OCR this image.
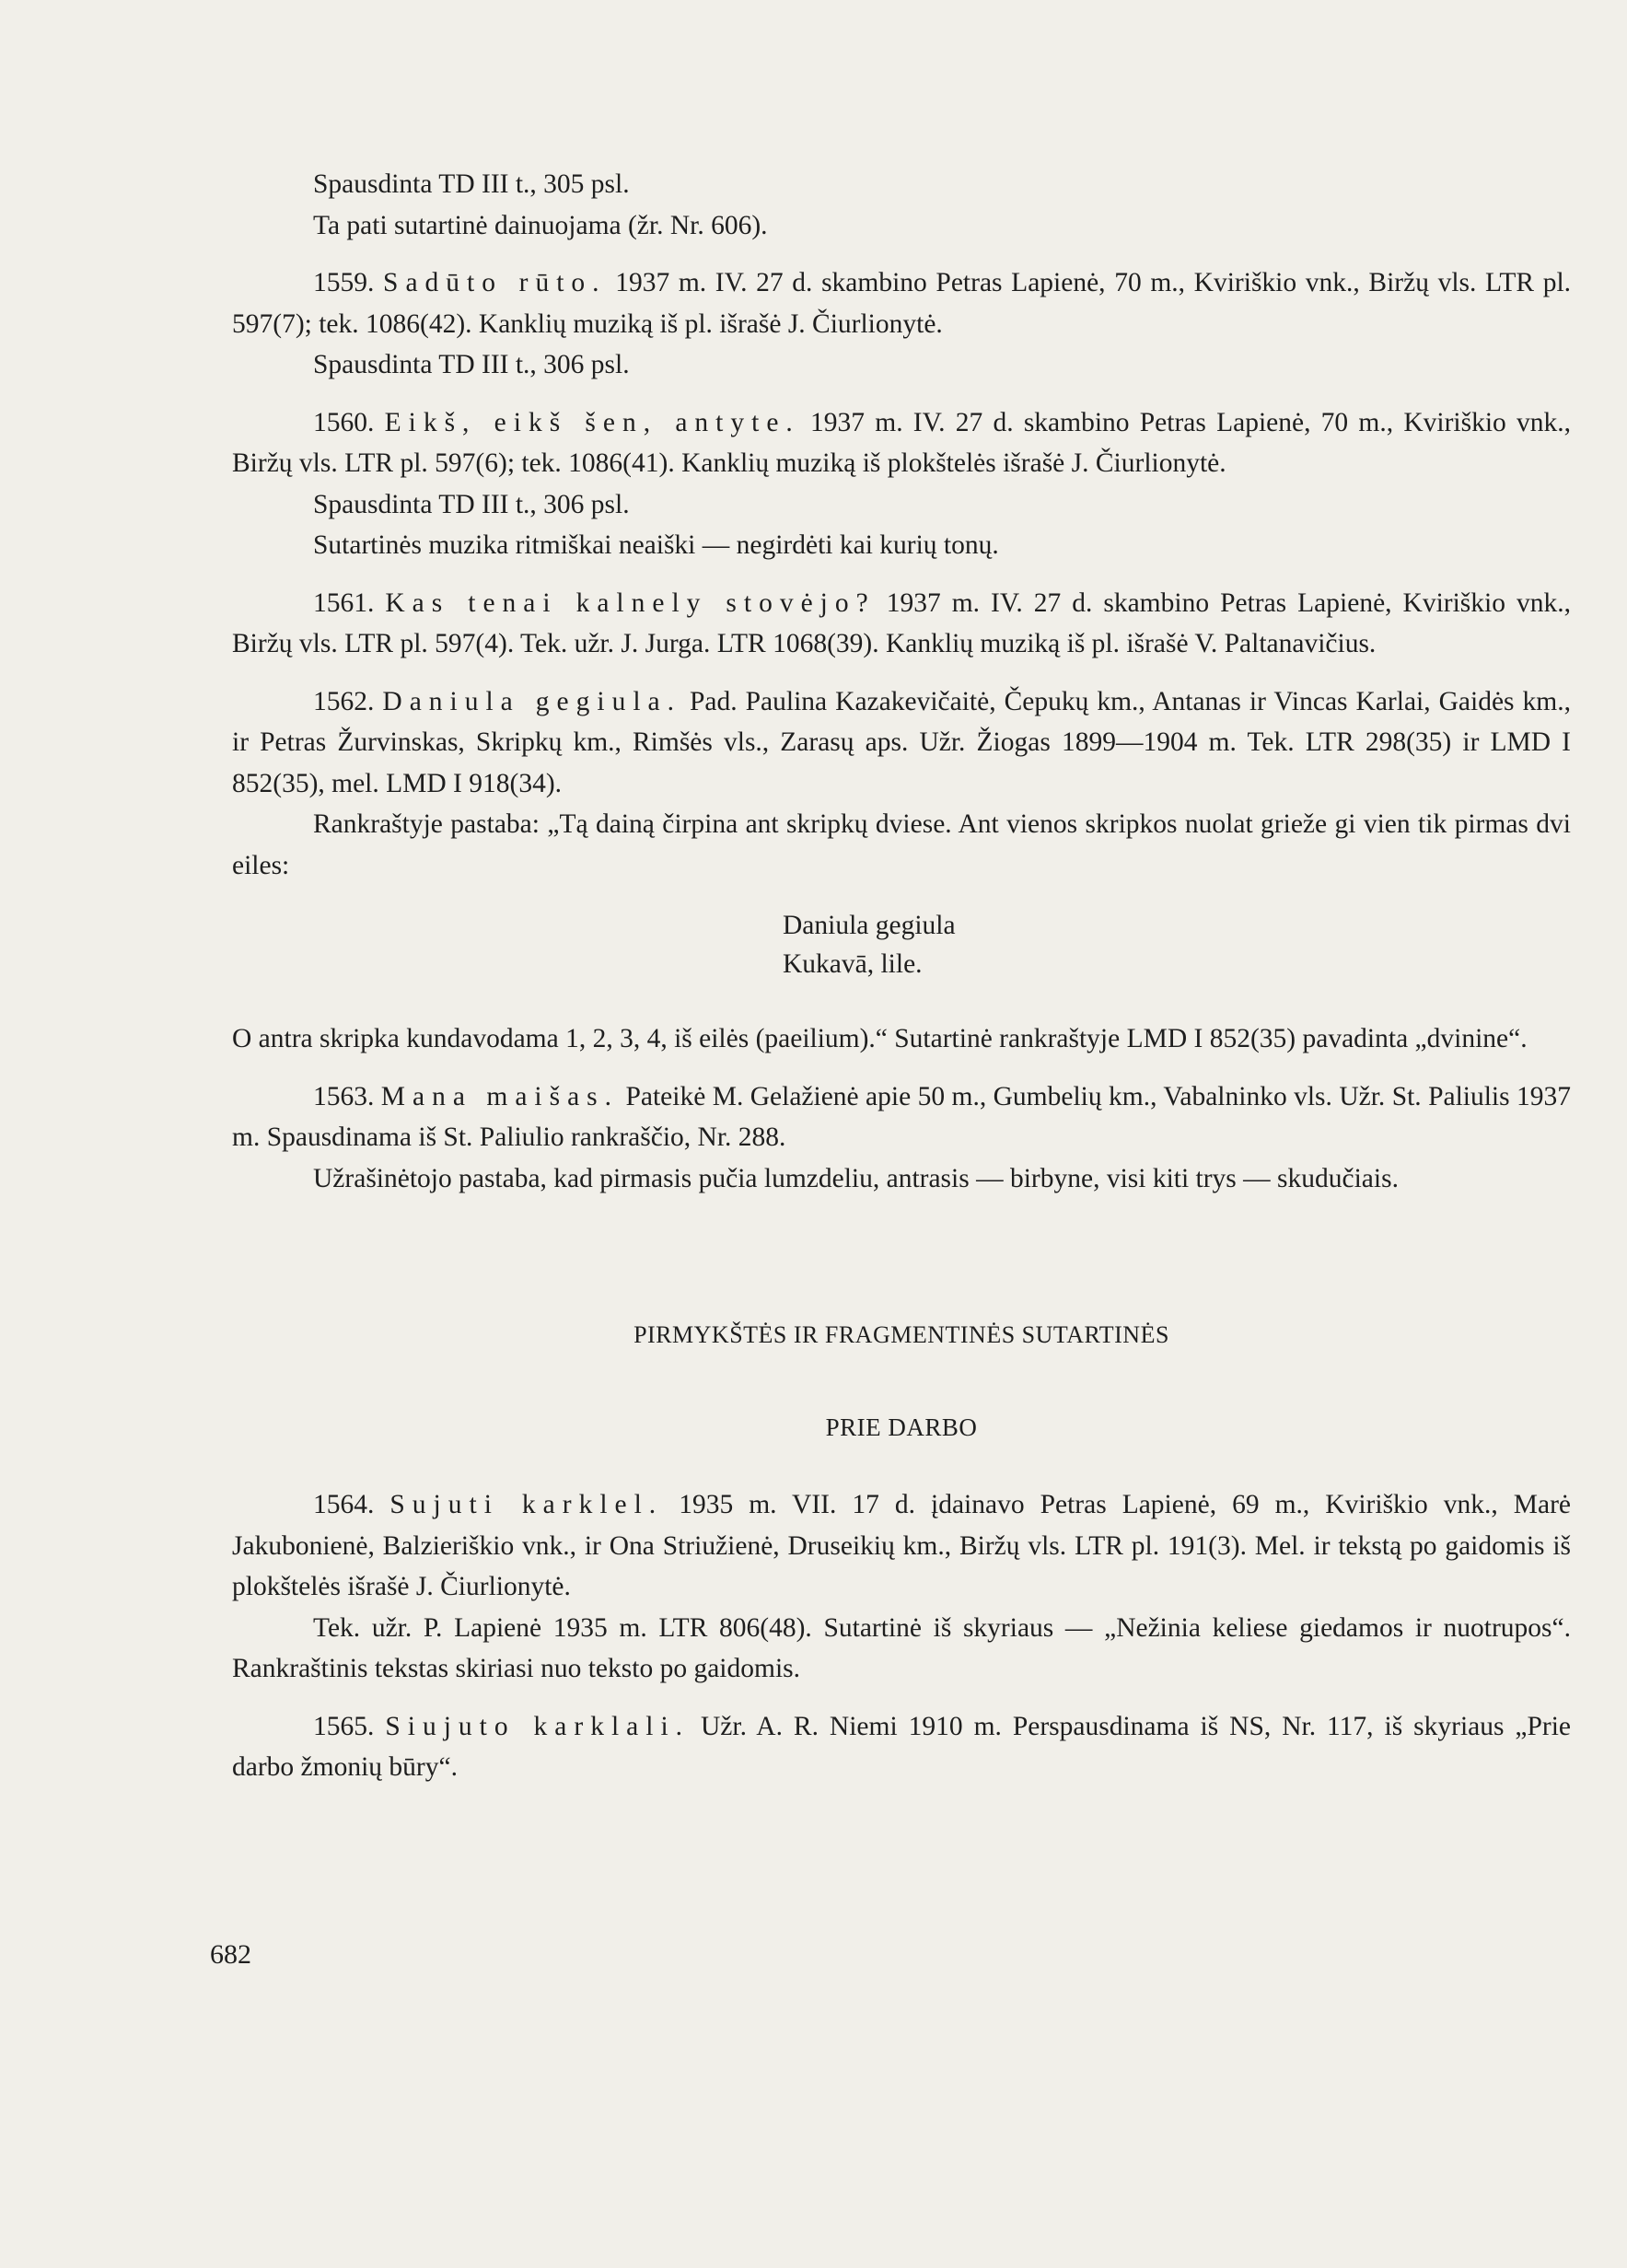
Spausdinta TD III t., 305 psl.

Ta pati sutartinė dainuojama (žr. Nr. 606).

1559. Sadūto rūto. 1937 m. IV. 27 d. skambino Petras Lapienė, 70 m., Kviriškio vnk., Biržų vls. LTR pl. 597(7); tek. 1086(42). Kanklių muziką iš pl. išrašė J. Čiurlionytė.

Spausdinta TD III t., 306 psl.

1560. Eikš, eikš šen, antyte. 1937 m. IV. 27 d. skambino Petras Lapienė, 70 m., Kviriškio vnk., Biržų vls. LTR pl. 597(6); tek. 1086(41). Kanklių muziką iš plokštelės išrašė J. Čiurlionytė.

Spausdinta TD III t., 306 psl.

Sutartinės muzika ritmiškai neaiški — negirdėti kai kurių tonų.

1561. Kas tenai kalnely stovėjo? 1937 m. IV. 27 d. skambino Petras Lapienė, Kviriškio vnk., Biržų vls. LTR pl. 597(4). Tek. užr. J. Jurga. LTR 1068(39). Kanklių muziką iš pl. išrašė V. Paltanavičius.

1562. Daniula gegiula. Pad. Paulina Kazakevičaitė, Čepukų km., Antanas ir Vincas Karlai, Gaidės km., ir Petras Žurvinskas, Skripkų km., Rimšės vls., Zarasų aps. Užr. Žiogas 1899—1904 m. Tek. LTR 298(35) ir LMD I 852(35), mel. LMD I 918(34).

Rankraštyje pastaba: „Tą dainą čirpina ant skripkų dviese. Ant vienos skripkos nuolat grieže gi vien tik pirmas dvi eiles:

Daniula gegiula
Kukavā, lile.

O antra skripka kundavodama 1, 2, 3, 4, iš eilės (paeilium).“ Sutartinė rankraštyje LMD I 852(35) pavadinta „dvinine“.

1563. Mana maišas. Pateikė M. Gelažienė apie 50 m., Gumbelių km., Vabalninko vls. Užr. St. Paliulis 1937 m. Spausdinama iš St. Paliulio rankraščio, Nr. 288.

Užrašinėtojo pastaba, kad pirmasis pučia lumzdeliu, antrasis — birbyne, visi kiti trys — skudučiais.

PIRMYKŠTĖS IR FRAGMENTINĖS SUTARTINĖS
PRIE DARBO

1564. Sujuti karklel. 1935 m. VII. 17 d. įdainavo Petras Lapienė, 69 m., Kviriškio vnk., Marė Jakubonienė, Balzieriškio vnk., ir Ona Striužienė, Druseikių km., Biržų vls. LTR pl. 191(3). Mel. ir tekstą po gaidomis iš plokštelės išrašė J. Čiurlionytė.

Tek. užr. P. Lapienė 1935 m. LTR 806(48). Sutartinė iš skyriaus — „Nežinia keliese giedamos ir nuotrupos“. Rankraštinis tekstas skiriasi nuo teksto po gaidomis.

1565. Siujuto karklali. Užr. A. R. Niemi 1910 m. Perspausdinama iš NS, Nr. 117, iš skyriaus „Prie darbo žmonių būry“.

682
